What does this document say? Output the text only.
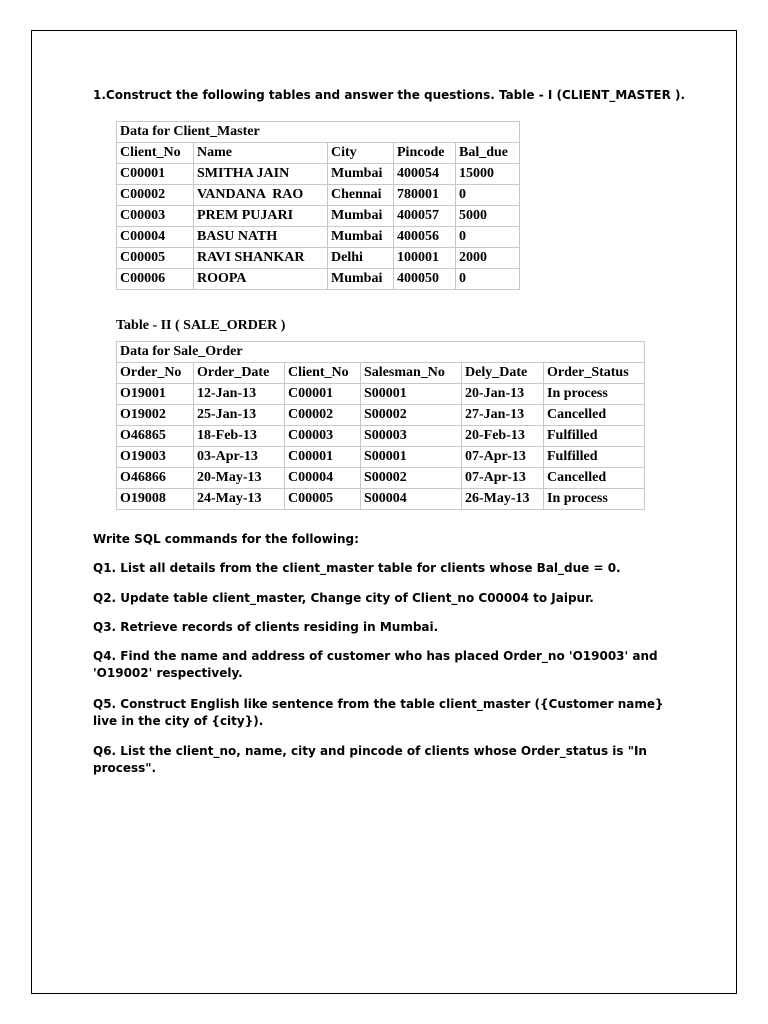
1.Construct the following tables and answer the questions. Table - I (CLIENT_MASTER ).
Data for Client_Master				
Client_No	Name	City	Pincode	Bal_due
C00001	SMITHA JAIN	Mumbai	400054	15000
C00002	VANDANA  RAO	Chennai	780001	0
C00003	PREM PUJARI	Mumbai	400057	5000
C00004	BASU NATH	Mumbai	400056	0
C00005	RAVI SHANKAR	Delhi	100001	2000
C00006	ROOPA	Mumbai	400050	0
Table - II ( SALE_ORDER )
Data for Sale_Order					
Order_No	Order_Date	Client_No	Salesman_No	Dely_Date	Order_Status
O19001	12-Jan-13	C00001	S00001	20-Jan-13	In process
O19002	25-Jan-13	C00002	S00002	27-Jan-13	Cancelled
O46865	18-Feb-13	C00003	S00003	20-Feb-13	Fulfilled
O19003	03-Apr-13	C00001	S00001	07-Apr-13	Fulfilled
O46866	20-May-13	C00004	S00002	07-Apr-13	Cancelled
O19008	24-May-13	C00005	S00004	26-May-13	In process
Write SQL commands for the following:
Q1. List all details from the client_master table for clients whose Bal_due = 0.
Q2. Update table client_master, Change city of Client_no C00004 to Jaipur.
Q3. Retrieve records of clients residing in Mumbai.
Q4. Find the name and address of customer who has placed Order_no 'O19003' and 'O19002' respectively.
Q5. Construct English like sentence from the table client_master ({Customer name} live in the city of {city}).
Q6. List the client_no, name, city and pincode of clients whose Order_status is "In process".
